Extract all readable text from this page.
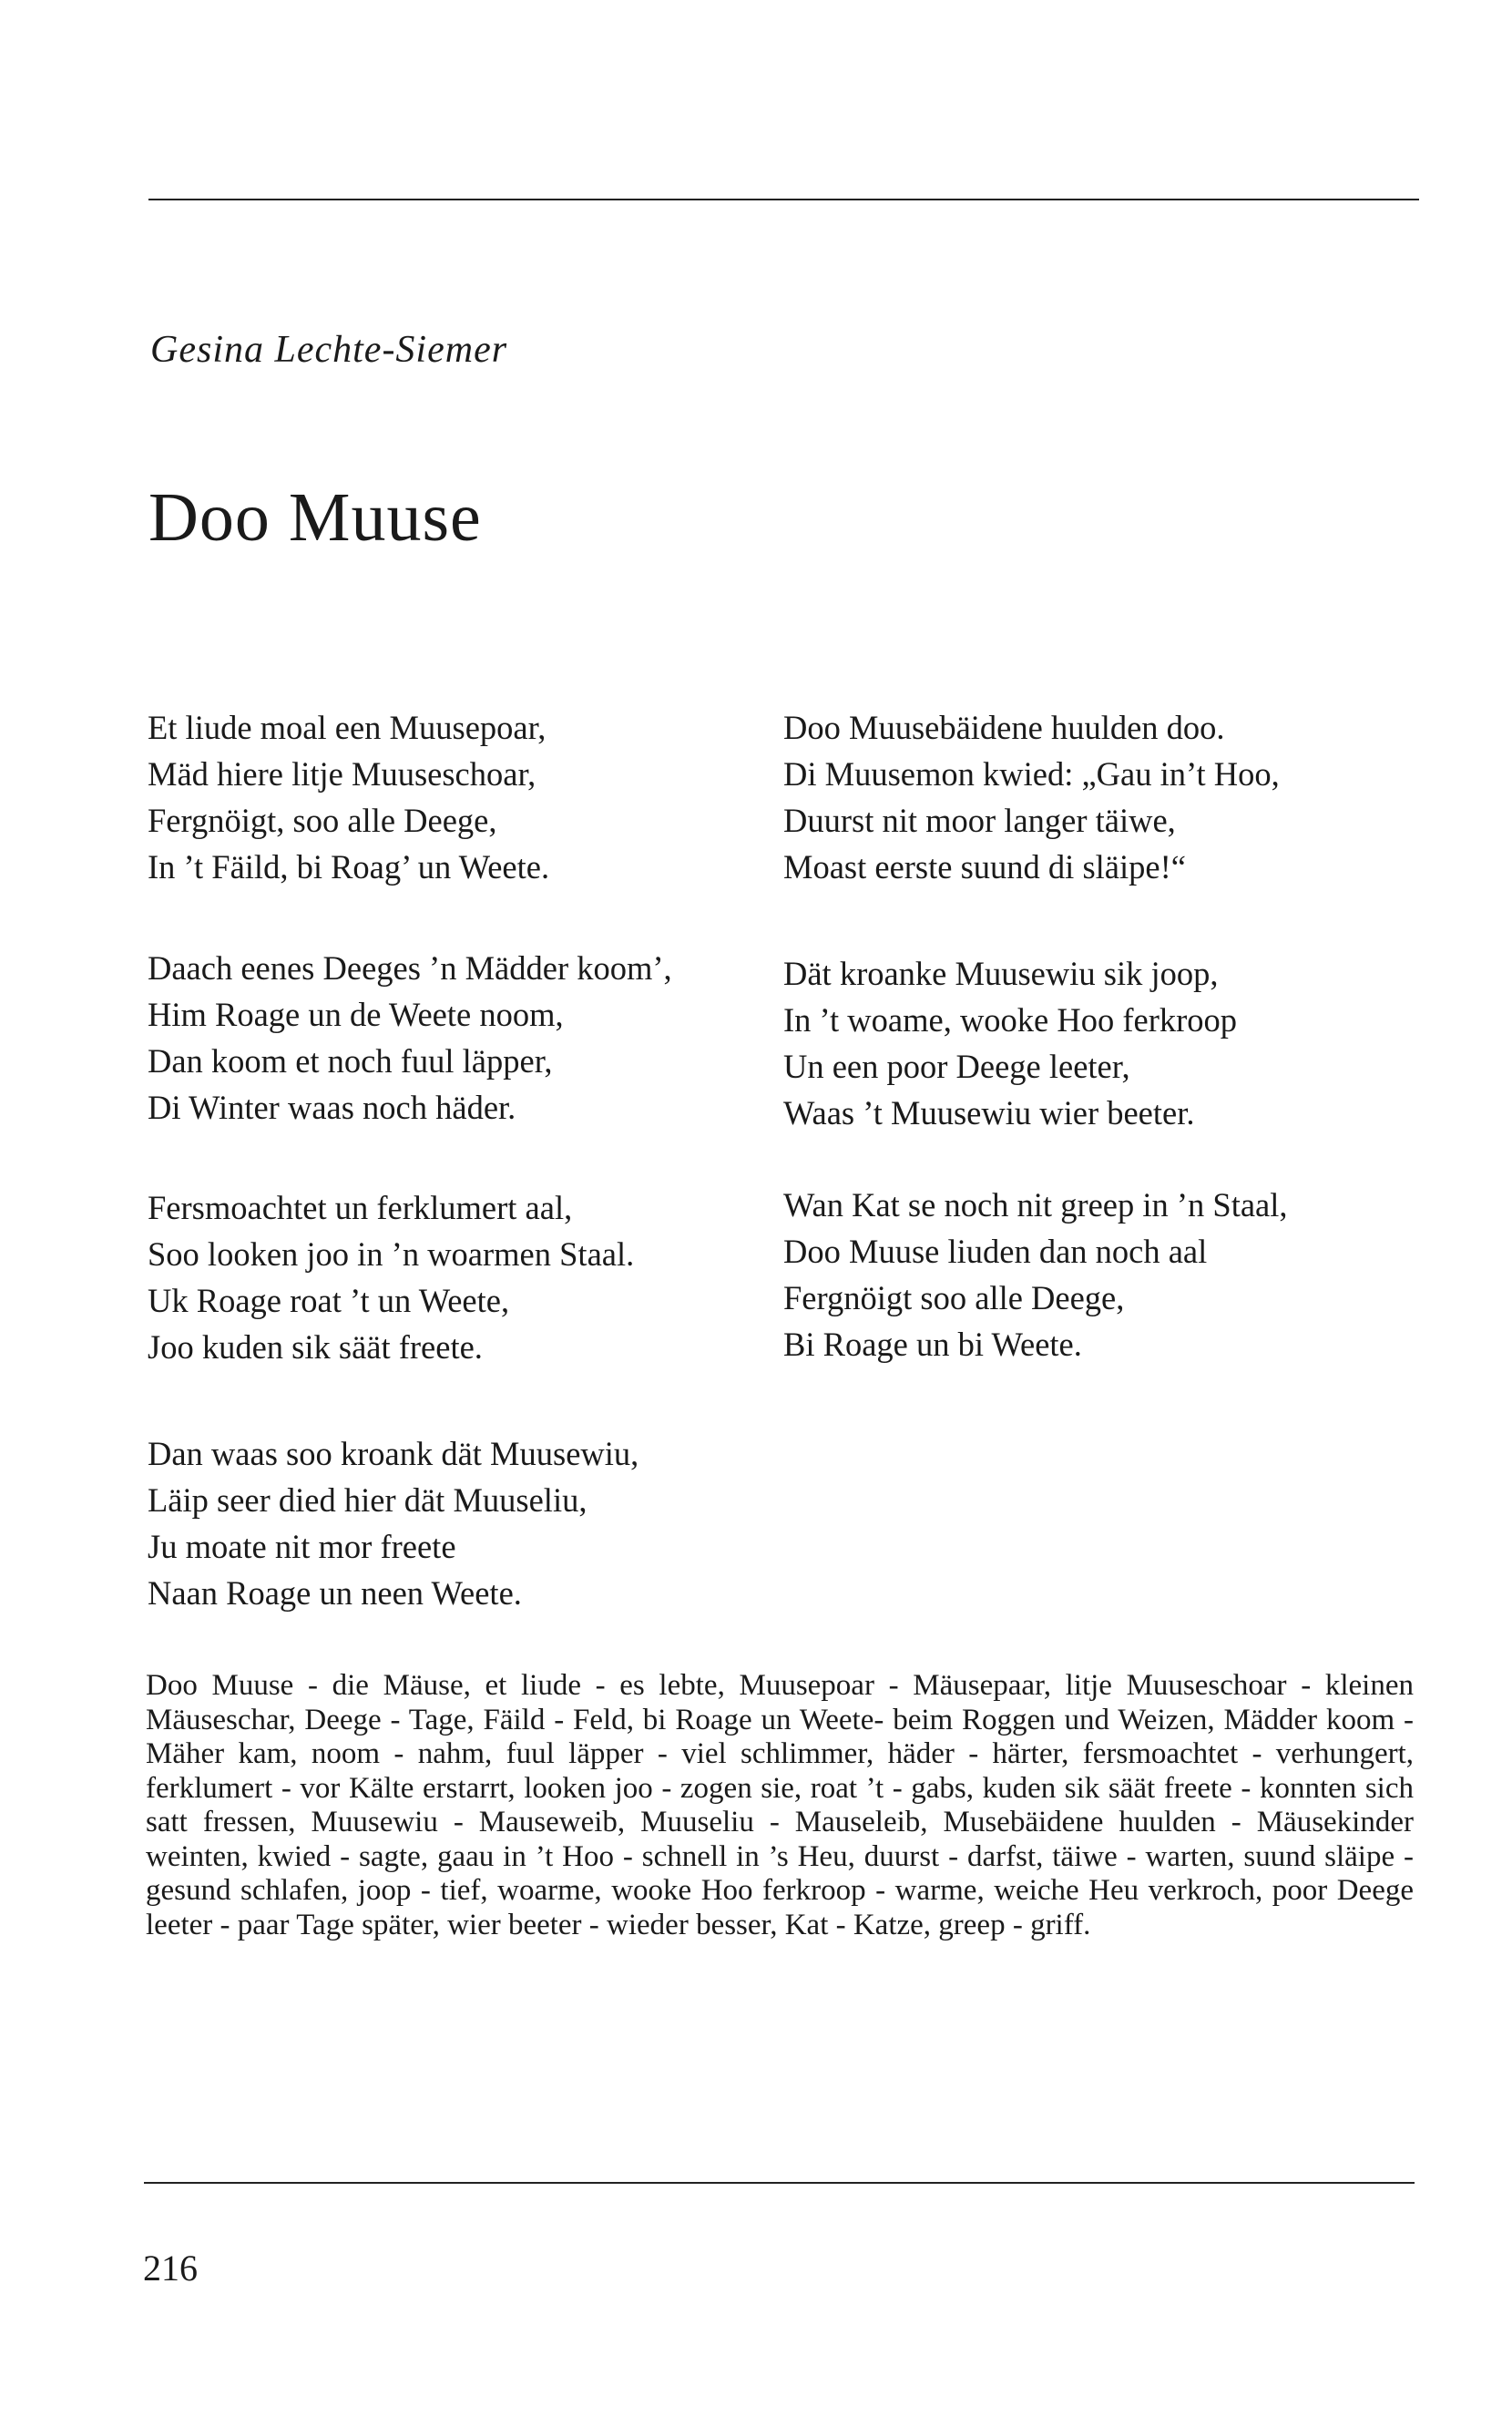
Gesina Lechte-Siemer
Doo Muuse
Et liude moal een Muusepoar,
Mäd hiere litje Muuseschoar,
Fergnöigt, soo alle Deege,
In ’t Fäild, bi Roag’ un Weete.
Daach eenes Deeges ’n Mädder koom’,
Him Roage un de Weete noom,
Dan koom et noch fuul läpper,
Di Winter waas noch häder.
Fersmoachtet un ferklumert aal,
Soo looken joo in ’n woarmen Staal.
Uk Roage roat ’t un Weete,
Joo kuden sik säät freete.
Dan waas soo kroank dät Muusewiu,
Läip seer died hier dät Muuseliu,
Ju moate nit mor freete
Naan Roage un neen Weete.
Doo Muusebäidene huulden doo.
Di Muusemon kwied: „Gau in’t Hoo,
Duurst nit moor langer täiwe,
Moast eerste suund di släipe!“
Dät kroanke Muusewiu sik joop,
In ’t woame, wooke Hoo ferkroop
Un een poor Deege leeter,
Waas ’t Muusewiu wier beeter.
Wan Kat se noch nit greep in ’n Staal,
Doo Muuse liuden dan noch aal
Fergnöigt soo alle Deege,
Bi Roage un bi Weete.
Doo Muuse - die Mäuse, et liude - es lebte, Muusepoar - Mäusepaar, litje Muuseschoar - kleinen Mäuseschar, Deege - Tage, Fäild - Feld, bi Roage un Weete- beim Roggen und Weizen, Mädder koom - Mäher kam, noom - nahm, fuul läpper - viel schlimmer, häder - härter, fersmoachtet - verhungert, ferklumert - vor Kälte erstarrt, looken joo - zogen sie, roat ’t - gabs, kuden sik säät freete - konnten sich satt fressen, Muusewiu - Mauseweib, Muuseliu - Mauseleib, Musebäidene huulden - Mäusekinder weinten, kwied - sagte, gaau in ’t Hoo - schnell in ’s Heu, duurst - darfst, täiwe - warten, suund släipe - gesund schlafen, joop - tief, woarme, wooke Hoo ferkroop - warme, weiche Heu verkroch, poor Deege leeter - paar Tage später, wier beeter - wieder besser, Kat - Katze, greep - griff.
216
